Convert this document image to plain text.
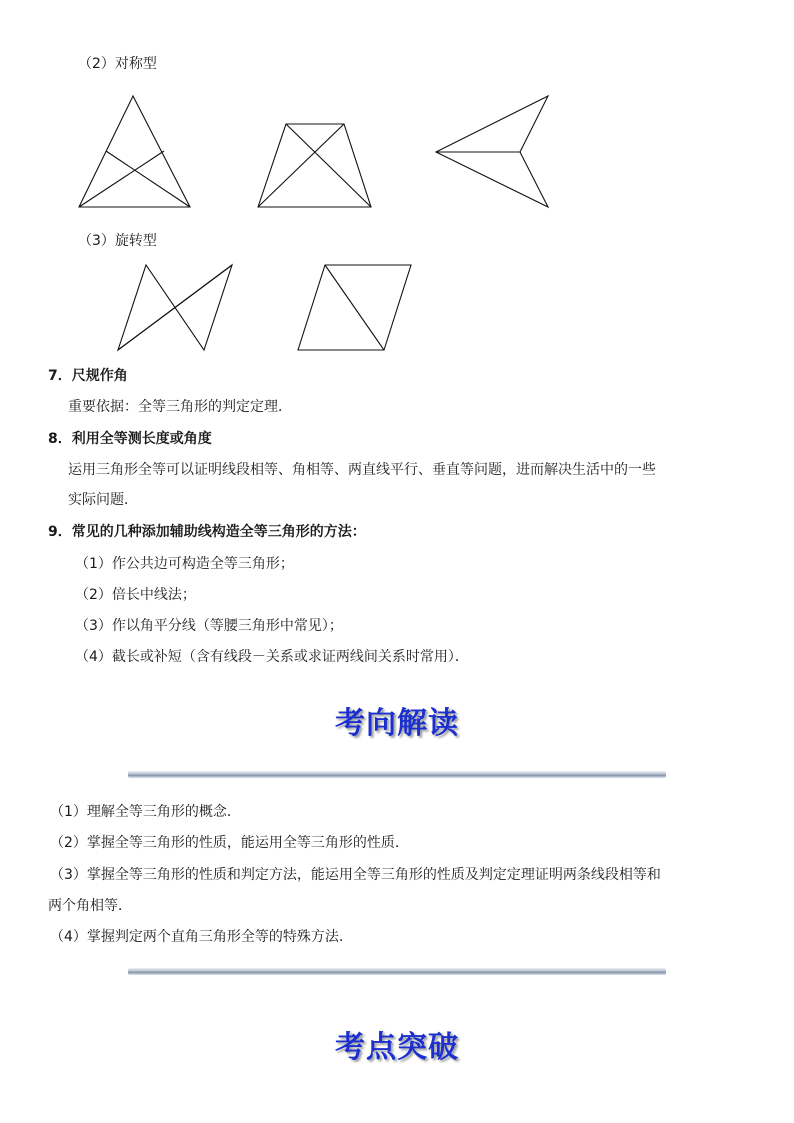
（2）对称型
（3）旋转型
7．尺规作角
重要依据：全等三角形的判定定理．
8．利用全等测长度或角度
运用三角形全等可以证明线段相等、角相等、两直线平行、垂直等问题，进而解决生活中的一些
实际问题．
9．常见的几种添加辅助线构造全等三角形的方法：
（1）作公共边可构造全等三角形；
（2）倍长中线法；
（3）作以角平分线（等腰三角形中常见）；
（4）截长或补短（含有线段－关系或求证两线间关系时常用）．
考向解读
（1）理解全等三角形的概念．
（2）掌握全等三角形的性质，能运用全等三角形的性质．
（3）掌握全等三角形的性质和判定方法，能运用全等三角形的性质及判定定理证明两条线段相等和
两个角相等．
（4）掌握判定两个直角三角形全等的特殊方法．
考点突破
